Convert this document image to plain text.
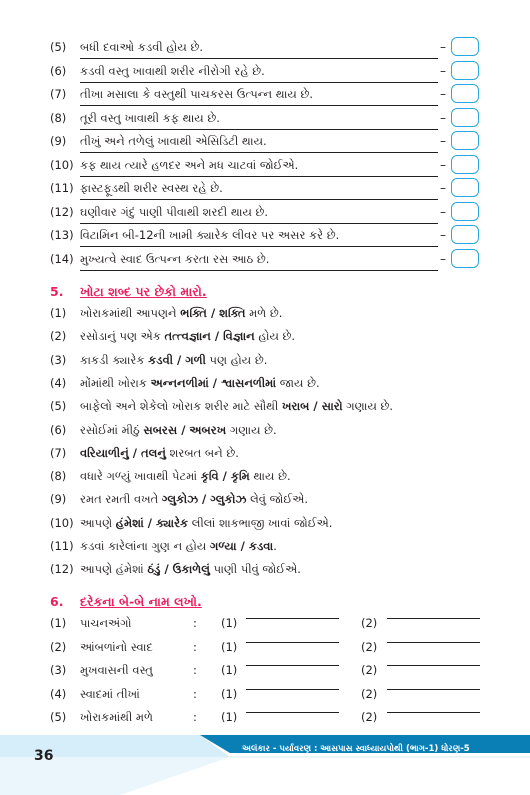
(5)	બધી દવાઓ કડવી હોય છે.	–
(6)	કડવી વસ્તુ ખાવાથી શરીર નીરોગી રહે છે.	–
(7)	તીખા મસાલા કે વસ્તુથી પાચકરસ ઉત્પન્ન થાય છે.	–
(8)	તૂરી વસ્તુ ખાવાથી કફ થાય છે.	–
(9)	તીખું અને તળેલું ખાવાથી એસિડિટી થાય.	–
(10) કફ થાય ત્યારે હળદર અને મધ ચાટવાં જોઈએ.	–
(11) ફાસ્ટફૂડથી શરીર સ્વસ્થ રહે છે.	–
(12) ઘણીવાર ગંદું પાણી પીવાથી શરદી થાય છે.	–
(13) વિટામિન બી-12ની ખામી ક્યારેક લીવર પર અસર કરે છે.	–
(14) મુખ્યત્વે સ્વાદ ઉત્પન્ન કરતા રસ આઠ છે.	–
5. ખોટા શબ્દ પર છેકો મારો.
(1)	ખોરાકમાંથી આપણને ભક્તિ / શક્તિ મળે છે.
(2)	રસોડાનું પણ એક તત્ત્વજ્ઞાન / વિજ્ઞાન હોય છે.
(3)	કાકડી ક્યારેક કડવી / ગળી પણ હોય છે.
(4)	મોંમાંથી ખોરાક અન્નનળીમાં / શ્વાસનળીમાં જાય છે.
(5)	બાફેલો અને શેકેલો ખોરાક શરીર માટે સૌથી ખરાબ / સારો ગણાય છે.
(6)	રસોઈમાં મીઠું સબરસ / અબરખ ગણાય છે.
(7)	વરિયાળીનું / તલનું શરબત બને છે.
(8)	વધારે ગળ્યું ખાવાથી પેટમાં કૃવિ / કૃમિ થાય છે.
(9)	રમત રમતી વખતે ગ્લુકોઝ / ગ્લુકોઝ લેવું જોઈએ.
(10) આપણે હંમેશાં / ક્યારેક લીલાં શાકભાજી ખાવાં જોઈએ.
(11) કડવાં કારેલાંના ગુણ ન હોય ગળ્યા / કડવા.
(12) આપણે હંમેશાં ઠંડું / ઉકાળેલું પાણી પીવું જોઈએ.
6. દરેકના બે-બે નામ લખો.
(1)	પાચનઅંગો	: (1)	(2)
(2)	આંબળાંનો સ્વાદ	: (1)	(2)
(3)	મુખવાસની વસ્તુ	: (1)	(2)
(4)	સ્વાદમાં તીખાં	: (1)	(2)
(5)	ખોરાકમાંથી મળે	: (1)	(2)
36	અલંકાર - પર્યાવરણ : આસપાસ સ્વાધ્યાયપોથી (ભાગ-1) ધોરણ-5
